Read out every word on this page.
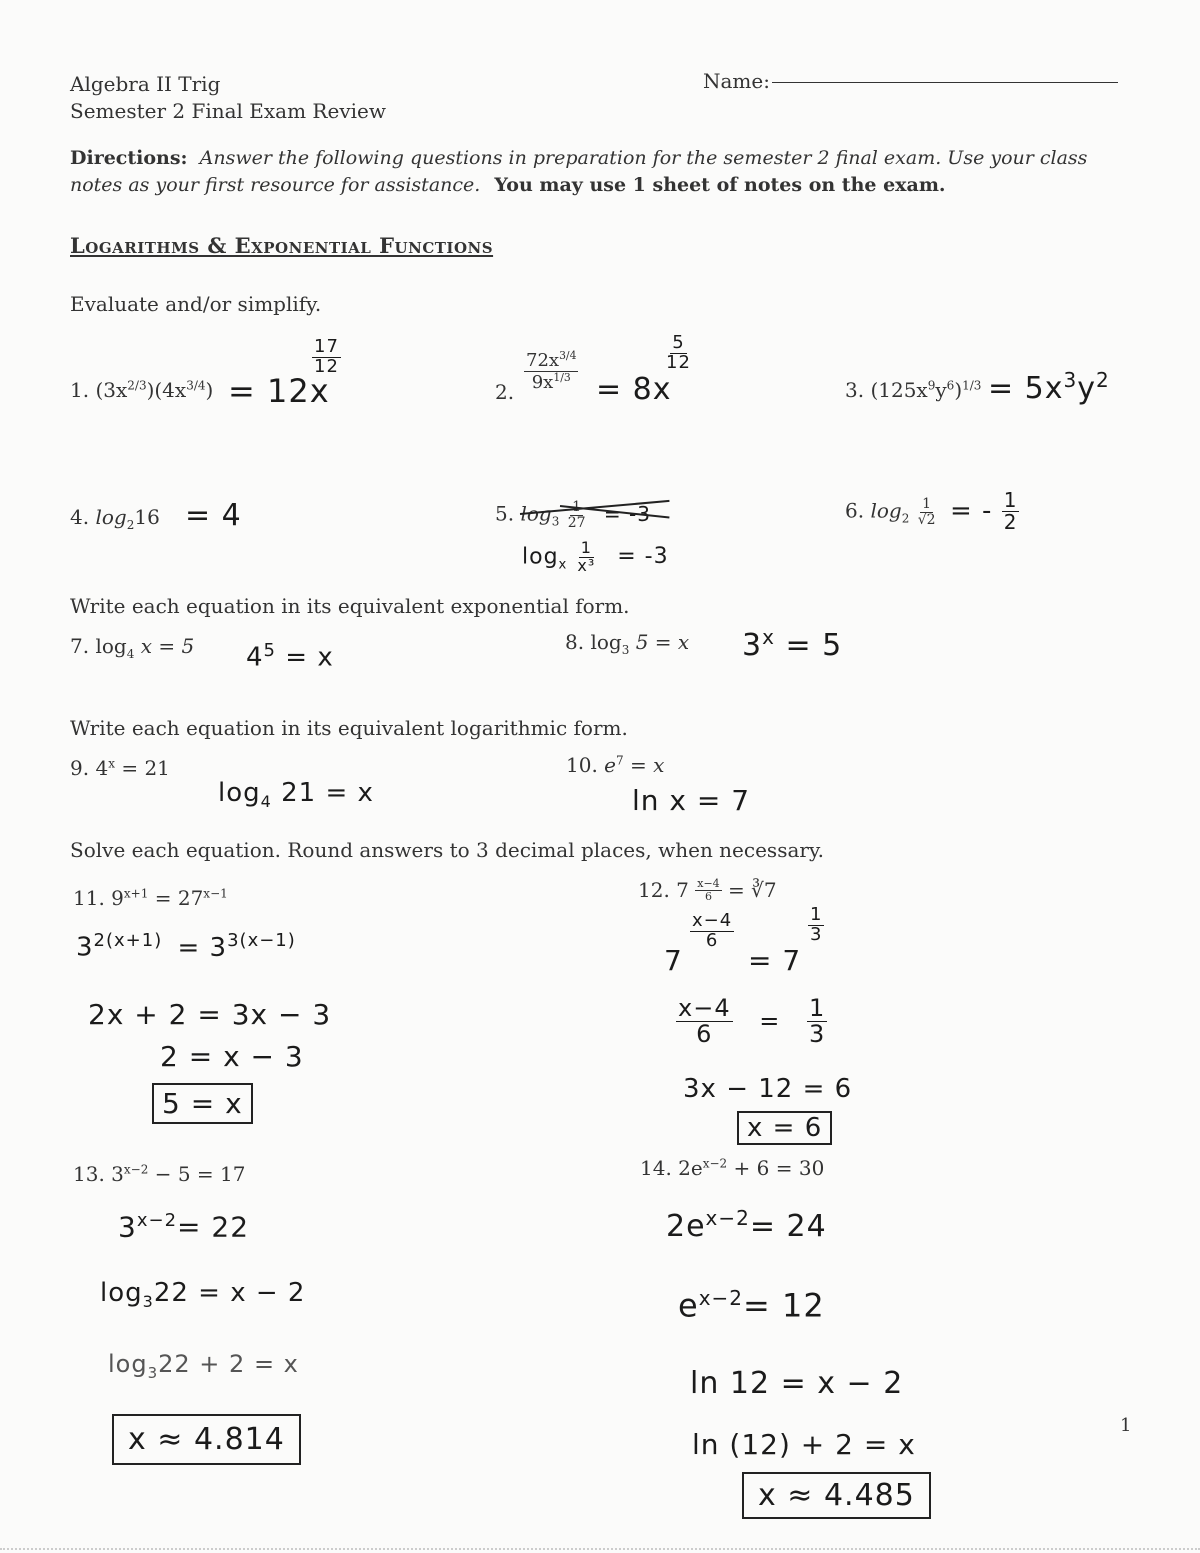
Algebra II Trig
Semester 2 Final Exam Review
Name:
Directions: Answer the following questions in preparation for the semester 2 final exam. Use your class
notes as your first resource for assistance. You may use 1 sheet of notes on the exam.
Logarithms & Exponential Functions
Evaluate and/or simplify.
1. $(3x^{2/3})(4x^{3/4}) = 12x$
$\frac{17}{12}$
2. $\frac{72x^{3/4}}{9x^{1/3}} = 8x$
$\frac{5}{12}$
3. $(125x^9y^6)^{1/3} = 5x^3y^2$
4. $\log_216 = 4$	5. $\log_3 \frac{1}{27} = -3$
$\log_x \frac{1}{\text{x³}} = -3$
6. $\log_2 \frac{1}{√2}$ = - $\frac{1}{2}$
Write each equation in its equivalent exponential form.
7. $\log_4 x = 5$ $4^5 = x$
8. $\log_3 5 = x$ $3^x = 5$
Write each equation in its equivalent logarithmic form.
9. $4^x = 21$
$\log_4 21 = x$
10. $e^7 = x$
ln x = 7
Solve each equation. Round answers to 3 decimal places, when necessary.
11. $9^{x+1} = 27^{x-1}$
$3^{2(x+1)} = 3^{3(x-1)}$
2x + 2 = 3x − 3
2 = x − 3
5 = x
12. $7 \frac{x-4}{6}$ = ∛7
7
$\frac{x-4}{6}$
= 7
$\frac{1}{3}$
$\frac{x-4}{6} = \frac{1}{3}$
3x − 12 = 6
x = 6
13. $3^{x-2} - 5 = 17$
$3^{x-2}= 22$
$\log_322 = x - 2$
$\log_322 + 2 = x$
x ≈ 4.814
14. $2e^{x-2} + 6 = 30$
$2e^{x-2}= 24$
$e^{x-2}= 12$
ln 12 = x − 2
ln (12) + 2 = x
x ≈ 4.485
1
